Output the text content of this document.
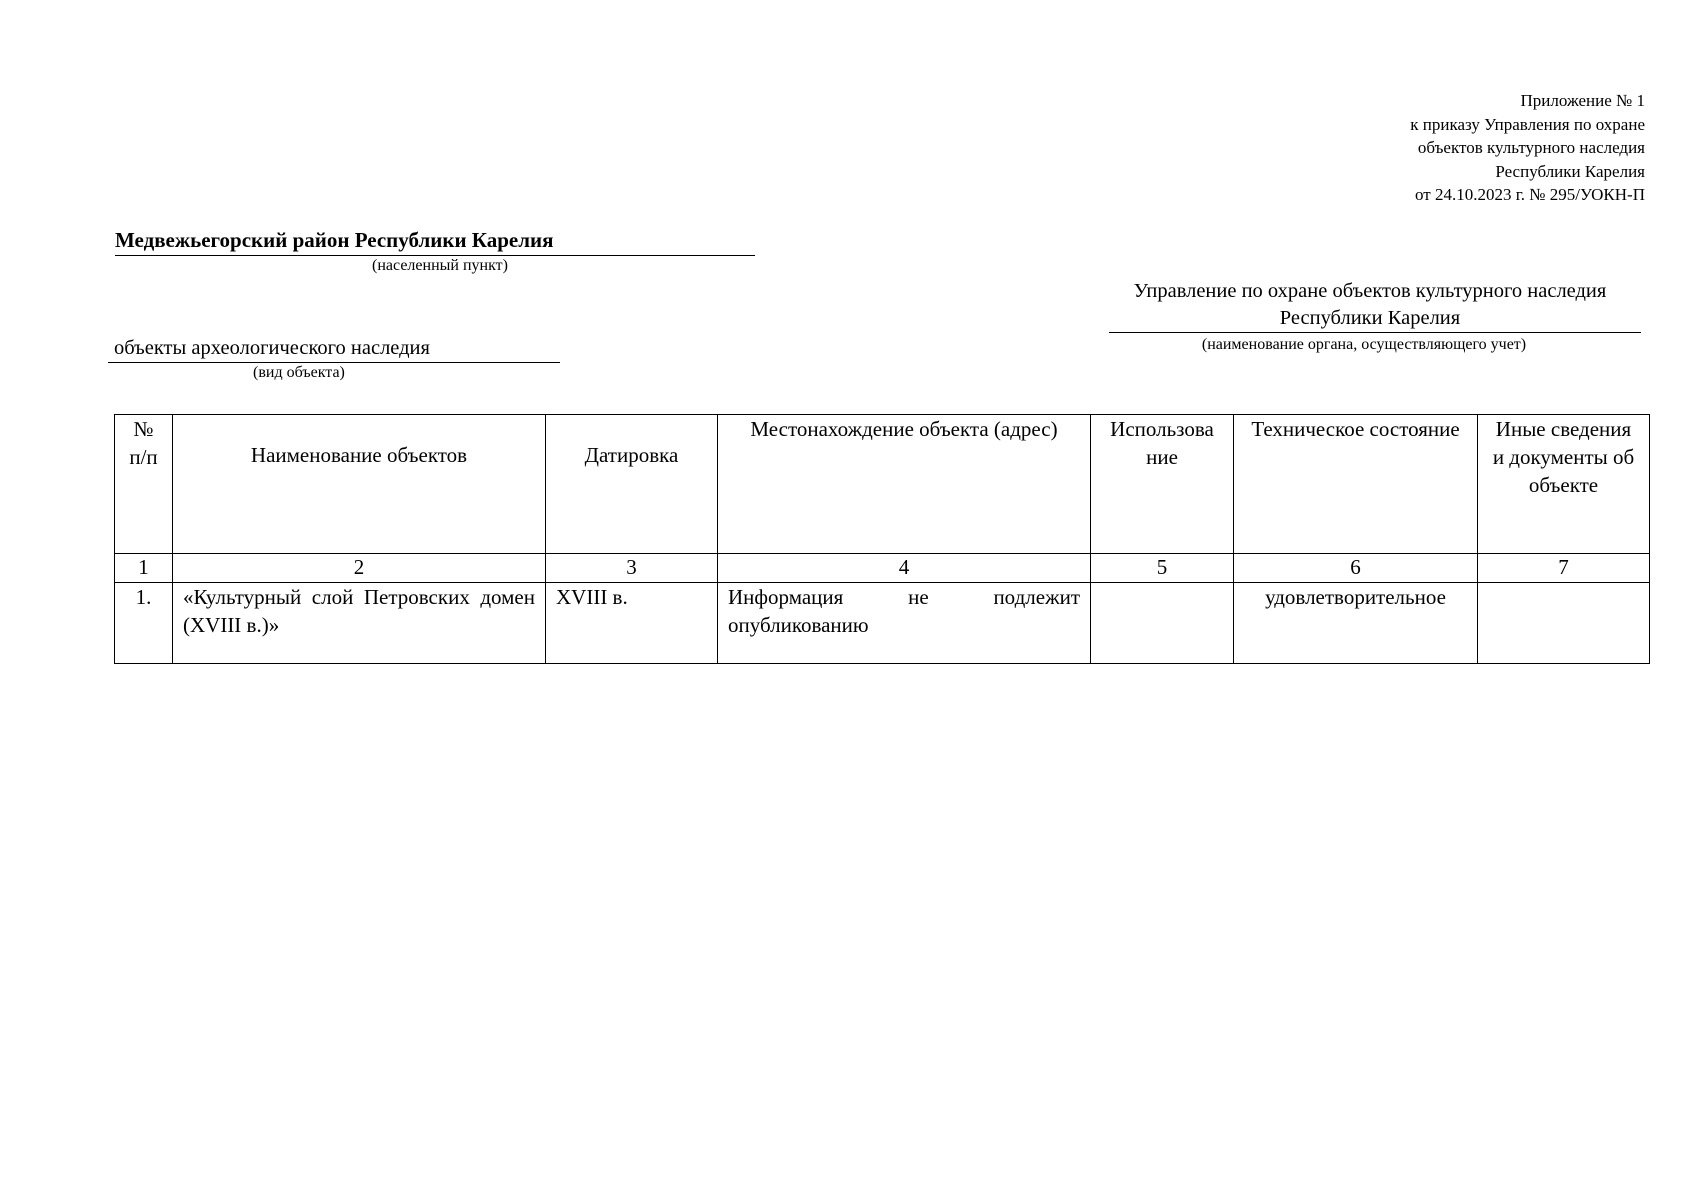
Приложение № 1
к приказу Управления по охране
объектов культурного наследия
Республики Карелия
от 24.10.2023 г. № 295/УОКН-П
Медвежьегорский район Республики Карелия
(населенный пункт)
Управление по охране объектов культурного наследия Республики Карелия
(наименование органа, осуществляющего учет)
объекты археологического наследия
(вид объекта)
№ п/п	Наименование объектов	Датировка	Местонахождение объекта (адрес)	Использова ние	Техническое состояние	Иные сведения и документы об объекте
1	2	3	4	5	6	7
1.	«Культурный слой Петровских домен (XVIII в.)»	XVIII в.	Информация не подлежит опубликованию		удовлетворительное	
